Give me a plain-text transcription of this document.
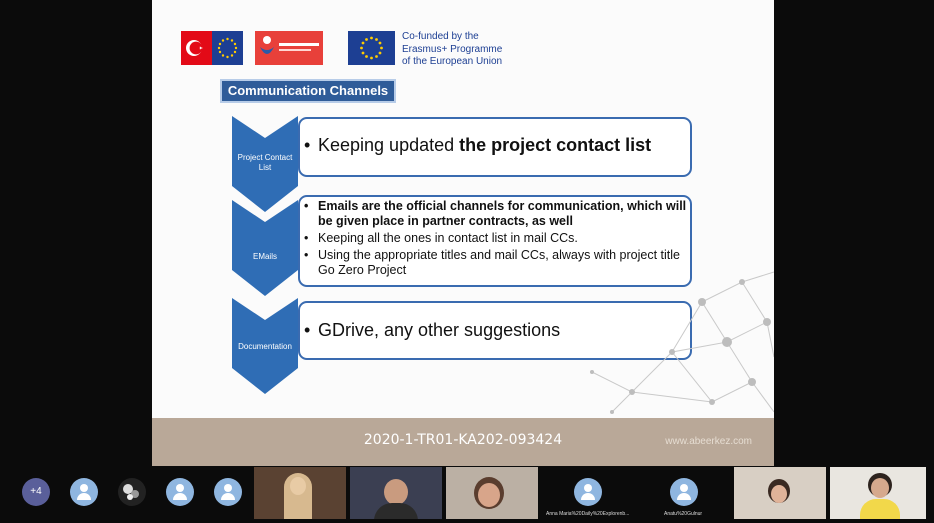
Co-funded by the
Erasmus+ Programme
of the European Union
Communication Channels
Project Contact List
EMails
Documentation
• Keeping updated the project contact list
• Emails are the official channels for communication, which will be given place in partner contracts, as well
• Keeping all the ones in contact list in mail CCs.
• Using the appropriate titles and mail CCs, always with project title Go Zero Project
• GDrive, any other suggestions
2020-1-TR01-KA202-093424	www.abeerkez.com
+4
Anna Maria%20Daily%20Explorenb...	Anatu%20Gulnur
